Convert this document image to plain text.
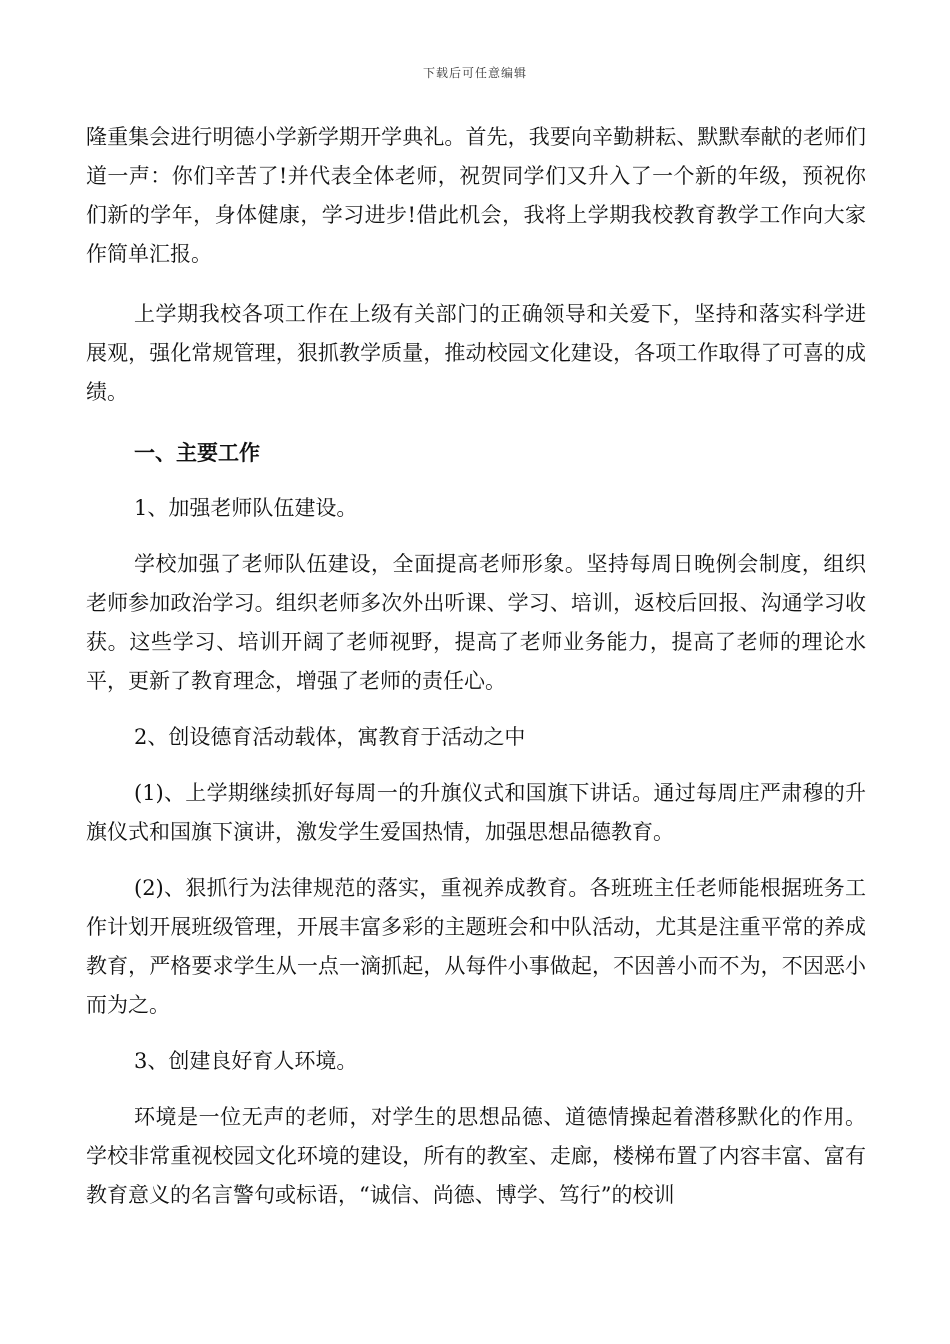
下载后可任意编辑

隆重集会进行明德小学新学期开学典礼。首先，我要向辛勤耕耘、默默奉献的老师们道一声：你们辛苦了!并代表全体老师，祝贺同学们又升入了一个新的年级，预祝你们新的学年，身体健康，学习进步!借此机会，我将上学期我校教育教学工作向大家作简单汇报。

上学期我校各项工作在上级有关部门的正确领导和关爱下，坚持和落实科学进展观，强化常规管理，狠抓教学质量，推动校园文化建设，各项工作取得了可喜的成绩。

一、主要工作

1、加强老师队伍建设。

学校加强了老师队伍建设，全面提高老师形象。坚持每周日晚例会制度，组织老师参加政治学习。组织老师多次外出听课、学习、培训，返校后回报、沟通学习收获。这些学习、培训开阔了老师视野，提高了老师业务能力，提高了老师的理论水平，更新了教育理念，增强了老师的责任心。

2、创设德育活动载体，寓教育于活动之中

(1)、上学期继续抓好每周一的升旗仪式和国旗下讲话。通过每周庄严肃穆的升旗仪式和国旗下演讲，激发学生爱国热情，加强思想品德教育。

(2)、狠抓行为法律规范的落实，重视养成教育。各班班主任老师能根据班务工作计划开展班级管理，开展丰富多彩的主题班会和中队活动，尤其是注重平常的养成教育，严格要求学生从一点一滴抓起，从每件小事做起，不因善小而不为，不因恶小而为之。

3、创建良好育人环境。

环境是一位无声的老师，对学生的思想品德、道德情操起着潜移默化的作用。学校非常重视校园文化环境的建设，所有的教室、走廊，楼梯布置了内容丰富、富有教育意义的名言警句或标语，“诚信、尚德、博学、笃行”的校训
